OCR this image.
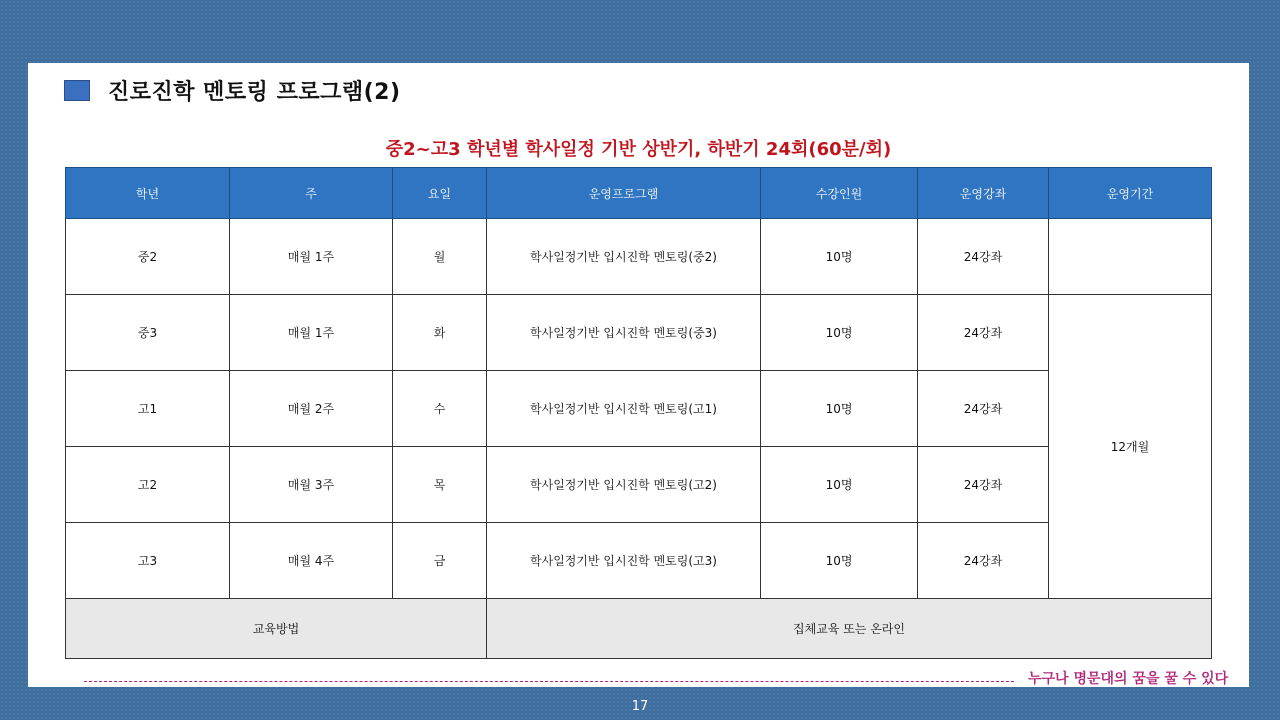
진로진학 멘토링 프로그램(2)
중2~고3 학년별 학사일정 기반 상반기, 하반기 24회(60분/회)
학년	주	요일	운영프로그램	수강인원	운영강좌	운영기간
중2	매월 1주	월	학사일정기반 입시진학 멘토링(중2)	10명	24강좌	
중3	매월 1주	화	학사일정기반 입시진학 멘토링(중3)	10명	24강좌	12개월
고1	매월 2주	수	학사일정기반 입시진학 멘토링(고1)	10명	24강좌	
고2	매월 3주	목	학사일정기반 입시진학 멘토링(고2)	10명	24강좌	
고3	매월 4주	금	학사일정기반 입시진학 멘토링(고3)	10명	24강좌	
교육방법			집체교육 또는 온라인			
누구나 명문대의 꿈을 꿀 수 있다
17
